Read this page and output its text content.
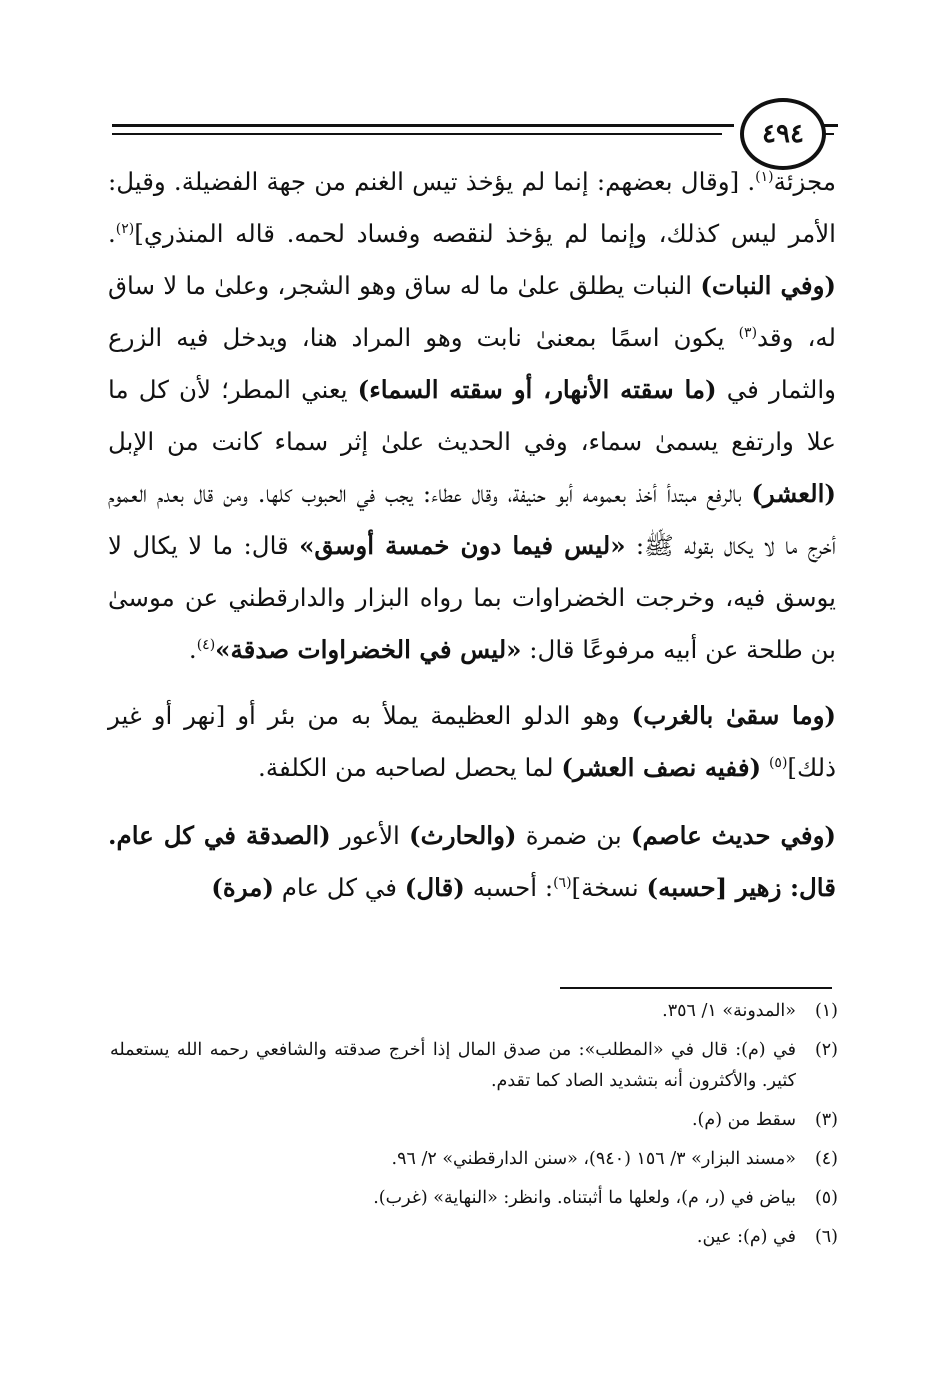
٤٩٤

مجزئة$^{(١)}$. [وقال بعضهم: إنما لم يؤخذ تيس الغنم من جهة الفضيلة. وقيل: الأمر ليس كذلك، وإنما لم يؤخذ لنقصه وفساد لحمه. قاله المنذري]$^{(٢)}$. (وفي النبات) النبات يطلق علىٰ ما له ساق وهو الشجر، وعلىٰ ما لا ساق له، وقد$^{(٣)}$ يكون اسمًا بمعنىٰ نابت وهو المراد هنا، ويدخل فيه الزرع والثمار في (ما سقته الأنهار، أو سقته السماء) يعني المطر؛ لأن كل ما علا وارتفع يسمىٰ سماء، وفي الحديث علىٰ إثر سماء كانت من الإبل (العشر) بالرفع مبتدأ أخذ بعمومه أبو حنيفة، وقال عطاء: يجب في الحبوب كلها. ومن قال بعدم العموم أخرج ما لا يكال بقوله ﷺ: «ليس فيما دون خمسة أوسق» قال: ما لا يكال لا يوسق فيه، وخرجت الخضراوات بما رواه البزار والدارقطني عن موسىٰ بن طلحة عن أبيه مرفوعًا قال: «ليس في الخضراوات صدقة»$^{(٤)}$.

(وما سقىٰ بالغرب) وهو الدلو العظيمة يملأ به من بئر أو [نهر أو غير ذلك]$^{(٥)}$ (ففيه نصف العشر) لما يحصل لصاحبه من الكلفة.

(وفي حديث عاصم) بن ضمرة (والحارث) الأعور (الصدقة في كل عام. قال: زهير [حسبه) نسخة]$^{(٦)}$: أحسبه (قال) في كل عام (مرة)

(١)
«المدونة» ١/ ٣٥٦.
(٢)
في (م): قال في «المطلب»: من صدق المال إذا أخرج صدقته والشافعي رحمه الله يستعمله كثير. والأكثرون أنه بتشديد الصاد كما تقدم.
(٣)
سقط من (م).
(٤)
«مسند البزار» ٣/ ١٥٦ (٩٤٠)، «سنن الدارقطني» ٢/ ٩٦.
(٥)
بياض في (ر، م)، ولعلها ما أثبتناه. وانظر: «النهاية» (غرب).
(٦)
في (م): عين.
